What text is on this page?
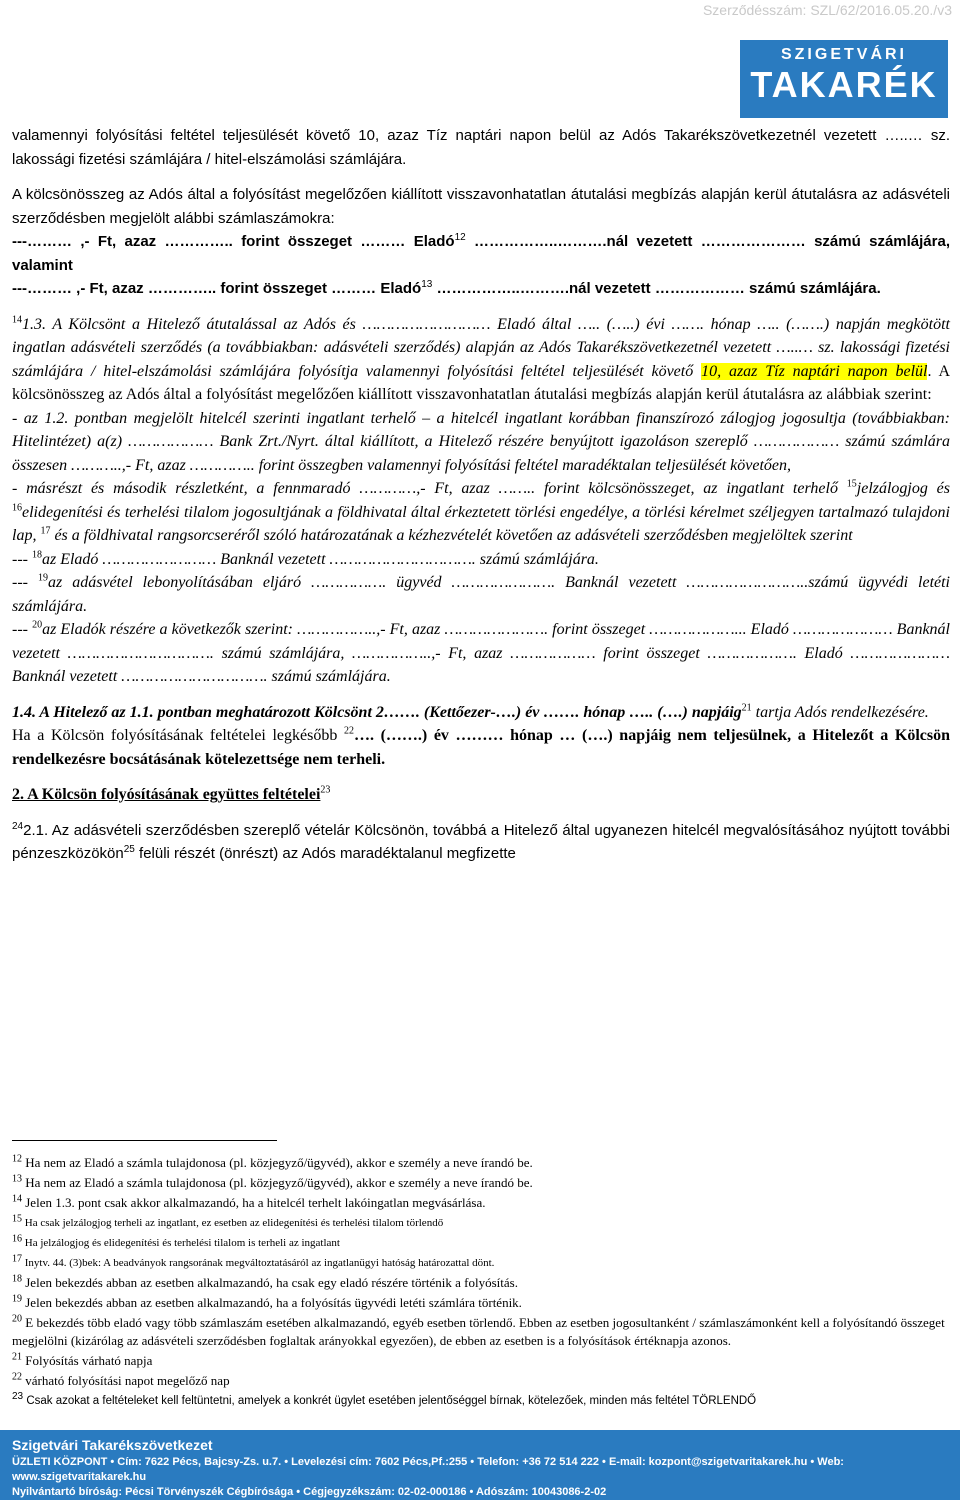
Szerződésszám: SZL/62/2016.05.20./v3
SZIGETVÁRI
TAKARÉK

valamennyi folyósítási feltétel teljesülését követő 10, azaz Tíz naptári napon belül az Adós Takarékszövetkezetnél vezetett …..… sz. lakossági fizetési számlájára / hitel-elszámolási számlájára.

A kölcsönösszeg az Adós által a folyósítást megelőzően kiállított visszavonhatatlan átutalási megbízás alapján kerül átutalásra az adásvételi szerződésben megjelölt alábbi számlaszámokra:

---……… ,- Ft, azaz ………….. forint összeget ……… Eladó$^{12}$ ……………..……….nál vezetett ………………… számú számlájára, valamint

---……… ,- Ft, azaz ………….. forint összeget ……… Eladó$^{13}$ ……………..……….nál vezetett ……………… számú számlájára.

$^{14}$1.3. A Kölcsönt a Hitelező átutalással az Adós és ……………………… Eladó által ….. (…..) évi ……. hónap ….. (…….) napján megkötött ingatlan adásvételi szerződés (a továbbiakban: adásvételi szerződés) alapján az Adós Takarékszövetkezetnél vezetett …..… sz. lakossági fizetési számlájára / hitel-elszámolási számlájára folyósítja valamennyi folyósítási feltétel teljesülését követő 10, azaz Tíz naptári napon belül. A kölcsönösszeg az Adós által a folyósítást megelőzően kiállított visszavonhatatlan átutalási megbízás alapján kerül átutalásra az alábbiak szerint:

- az 1.2. pontban megjelölt hitelcél szerinti ingatlant terhelő – a hitelcél ingatlant korábban finanszírozó zálogjog jogosultja (továbbiakban: Hitelintézet) a(z) ……………… Bank Zrt./Nyrt. által kiállított, a Hitelező részére benyújtott igazoláson szereplő ……………… számú számlára összesen ………..,- Ft, azaz ………….. forint összegben valamennyi folyósítási feltétel maradéktalan teljesülését követően,

- másrészt és második részletként, a fennmaradó …………,- Ft, azaz …….. forint kölcsönösszeget, az ingatlant terhelő $^{15}$jelzálogjog és $^{16}$elidegenítési és terhelési tilalom jogosultjának a földhivatal által érkeztetett törlési engedélye, a törlési kérelmet széljegyen tartalmazó tulajdoni lap, $^{17}$ és a földhivatal rangsorcseréről szóló határozatának a kézhezvételét követően az adásvételi szerződésben megjelöltek szerint

--- $^{18}$az Eladó …………………… Banknál vezetett …………………………. számú számlájára.

--- $^{19}$az adásvétel lebonyolításában eljáró ……………. ügyvéd …………………. Banknál vezetett ……………………..számú ügyvédi letéti számlájára.

--- $^{20}$az Eladók részére a következők szerint: ……………..,- Ft, azaz …………………. forint összeget ………………... Eladó ………………… Banknál vezetett …………………………. számú számlájára, ……………..,- Ft, azaz ……………… forint összeget ………………. Eladó ………………… Banknál vezetett …………………………. számú számlájára.

1.4. A Hitelező az 1.1. pontban meghatározott Kölcsönt 2……. (Kettőezer-….) év ……. hónap ….. (….) napjáig$^{21}$ tartja Adós rendelkezésére.

Ha a Kölcsön folyósításának feltételei legkésőbb $^{22}$…. (…….) év ……… hónap … (….) napjáig nem teljesülnek, a Hitelezőt a Kölcsön rendelkezésre bocsátásának kötelezettsége nem terheli.

2. A Kölcsön folyósításának együttes feltételei$^{23}$

$^{24}$2.1. Az adásvételi szerződésben szereplő vételár Kölcsönön, továbbá a Hitelező által ugyanezen hitelcél megvalósításához nyújtott további pénzeszközökön$^{25}$ felüli részét (önrészt) az Adós maradéktalanul megfizette

$^{12}$ Ha nem az Eladó a számla tulajdonosa (pl. közjegyző/ügyvéd), akkor e személy a neve írandó be.
$^{13}$ Ha nem az Eladó a számla tulajdonosa (pl. közjegyző/ügyvéd), akkor e személy a neve írandó be.
$^{14}$ Jelen 1.3. pont csak akkor alkalmazandó, ha a hitelcél terhelt lakóingatlan megvásárlása.
$^{15}$ Ha csak jelzálogjog terheli az ingatlant, ez esetben az elidegenítési és terhelési tilalom törlendő
$^{16}$ Ha jelzálogjog és elidegenítési és terhelési tilalom is terheli az ingatlant
$^{17}$ Inytv. 44. (3)bek: A beadványok rangsorának megváltoztatásáról az ingatlanügyi hatóság határozattal dönt.
$^{18}$ Jelen bekezdés abban az esetben alkalmazandó, ha csak egy eladó részére történik a folyósítás.
$^{19}$ Jelen bekezdés abban az esetben alkalmazandó, ha a folyósítás ügyvédi letéti számlára történik.
$^{20}$ E bekezdés több eladó vagy több számlaszám esetében alkalmazandó, egyéb esetben törlendő. Ebben az esetben jogosultanként / számlaszámonként kell a folyósítandó összeget megjelölni (kizárólag az adásvételi szerződésben foglaltak arányokkal egyezően), de ebben az esetben is a folyósítások értéknapja azonos.
$^{21}$ Folyósítás várható napja
$^{22}$ várható folyósítási napot megelőző nap
$^{23}$ Csak azokat a feltételeket kell feltüntetni, amelyek a konkrét ügylet esetében jelentőséggel bírnak, kötelezőek, minden más feltétel TÖRLENDŐ
Szigetvári Takarékszövetkezet
ÜZLETI KÖZPONT • Cím: 7622 Pécs, Bajcsy-Zs. u.7. • Levelezési cím: 7602 Pécs,Pf.:255 • Telefon: +36 72 514 222 • E-mail: kozpont@szigetvaritakarek.hu • Web: www.szigetvaritakarek.hu
Nyilvántartó bíróság: Pécsi Törvényszék Cégbírósága • Cégjegyzékszám: 02-02-000186 • Adószám: 10043086-2-02
